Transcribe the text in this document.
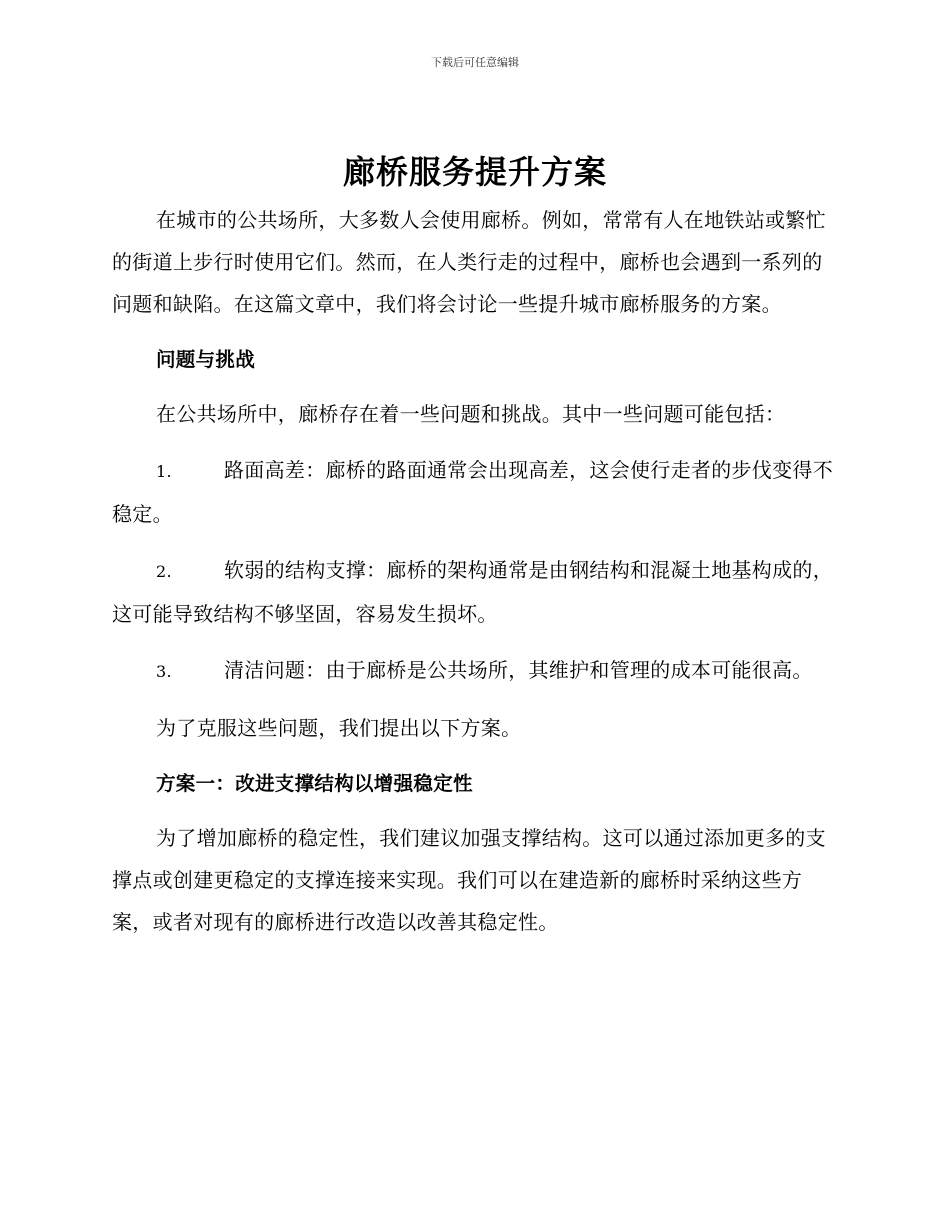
下载后可任意编辑
廊桥服务提升方案

在城市的公共场所，大多数人会使用廊桥。例如，常常有人在地铁站或繁忙的街道上步行时使用它们。然而，在人类行走的过程中，廊桥也会遇到一系列的问题和缺陷。在这篇文章中，我们将会讨论一些提升城市廊桥服务的方案。

问题与挑战

在公共场所中，廊桥存在着一些问题和挑战。其中一些问题可能包括：

1.	路面高差：廊桥的路面通常会出现高差，这会使行走者的步伐变得不稳定。

2.	软弱的结构支撑：廊桥的架构通常是由钢结构和混凝土地基构成的，这可能导致结构不够坚固，容易发生损坏。

3.	清洁问题：由于廊桥是公共场所，其维护和管理的成本可能很高。

为了克服这些问题，我们提出以下方案。

方案一：改进支撑结构以增强稳定性

为了增加廊桥的稳定性，我们建议加强支撑结构。这可以通过添加更多的支撑点或创建更稳定的支撑连接来实现。我们可以在建造新的廊桥时采纳这些方案，或者对现有的廊桥进行改造以改善其稳定性。
